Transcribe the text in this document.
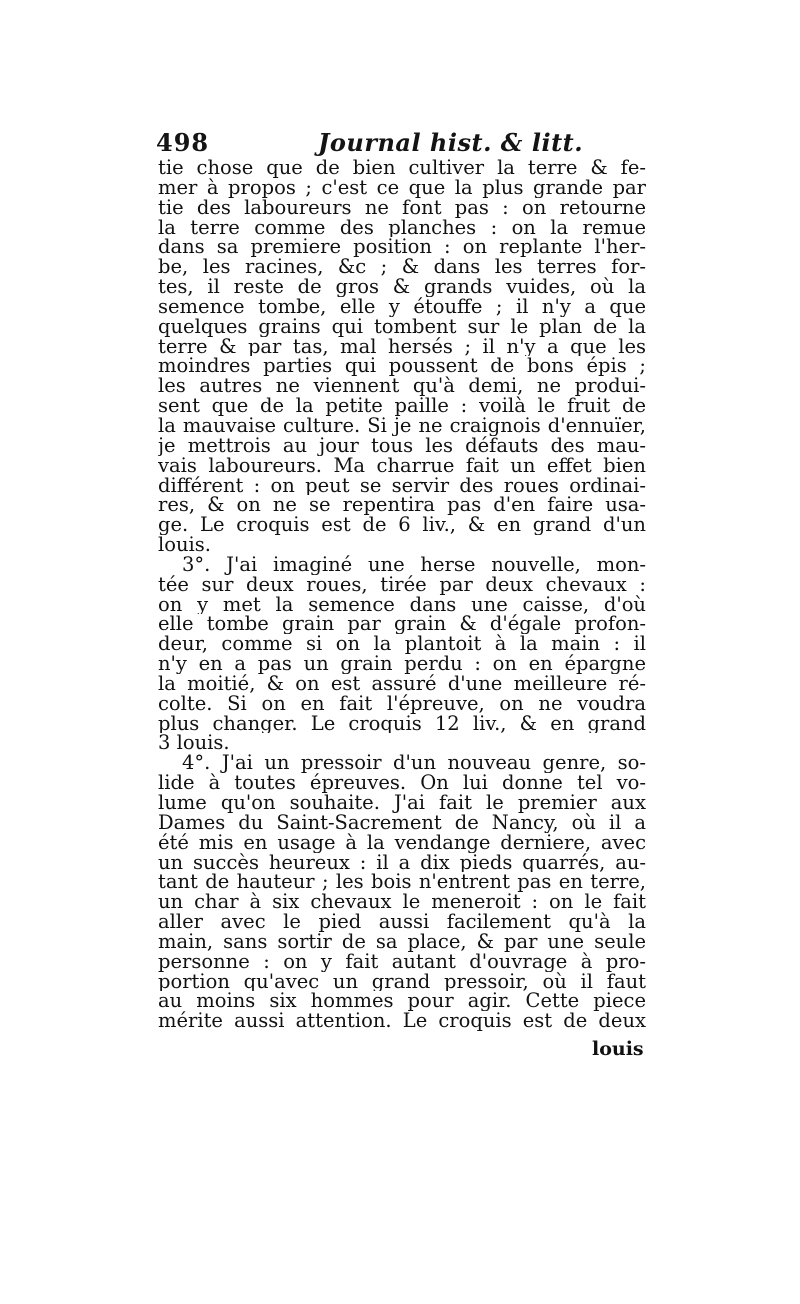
498	Journal hist. & litt.
tie chose que de bien cultiver la terre & fe-
mer à propos ; c'est ce que la plus grande par
tie des laboureurs ne font pas : on retourne
la terre comme des planches : on la remue
dans sa premiere position : on replante l'her-
be, les racines, &c ; & dans les terres for-
tes, il reste de gros & grands vuides, où la
semence tombe, elle y étouffe ; il n'y a que
quelques grains qui tombent sur le plan de la
terre & par tas, mal hersés ; il n'y a que les
moindres parties qui poussent de bons épis ;
les autres ne viennent qu'à demi, ne produi-
sent que de la petite paille : voilà le fruit de
la mauvaise culture. Si je ne craignois d'ennuïer,
je mettrois au jour tous les défauts des mau-
vais laboureurs. Ma charrue fait un effet bien
différent : on peut se servir des roues ordinai-
res, & on ne se repentira pas d'en faire usa-
ge. Le croquis est de 6 liv., & en grand d'un
louis.
3°. J'ai imaginé une herse nouvelle, mon-
tée sur deux roues, tirée par deux chevaux :
on y met la semence dans une caisse, d'où
elle tombe grain par grain & d'égale profon-
deur, comme si on la plantoit à la main : il
n'y en a pas un grain perdu : on en épargne
la moitié, & on est assuré d'une meilleure ré-
colte. Si on en fait l'épreuve, on ne voudra
plus changer. Le croquis 12 liv., & en grand
3 louis.
4°. J'ai un pressoir d'un nouveau genre, so-
lide à toutes épreuves. On lui donne tel vo-
lume qu'on souhaite. J'ai fait le premier aux
Dames du Saint-Sacrement de Nancy, où il a
été mis en usage à la vendange derniere, avec
un succès heureux : il a dix pieds quarrés, au-
tant de hauteur ; les bois n'entrent pas en terre,
un char à six chevaux le meneroit : on le fait
aller avec le pied aussi facilement qu'à la
main, sans sortir de sa place, & par une seule
personne : on y fait autant d'ouvrage à pro-
portion qu'avec un grand pressoir, où il faut
au moins six hommes pour agir. Cette piece
mérite aussi attention. Le croquis est de deux
louis
